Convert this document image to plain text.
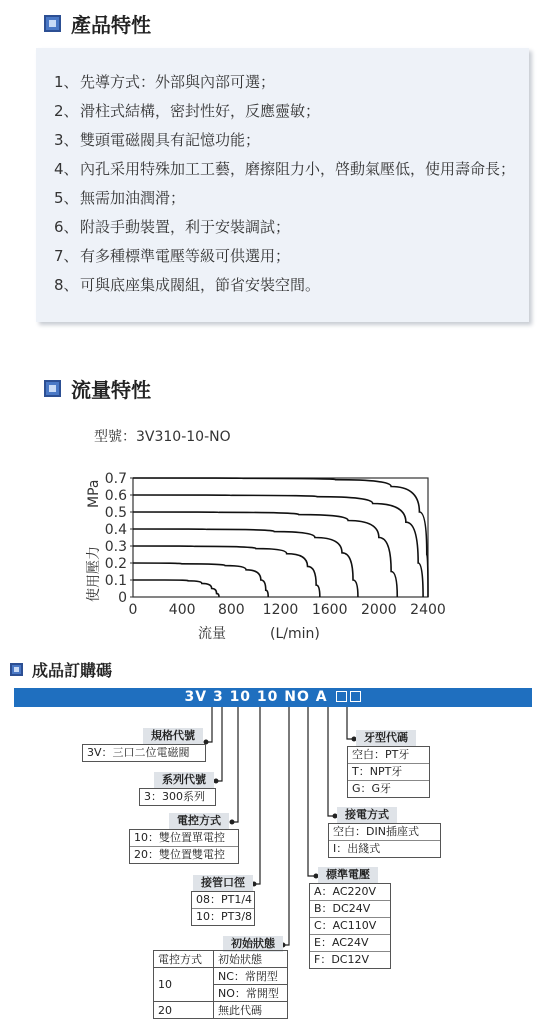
產品特性
1、 先導方式：外部與內部可選；
2、 滑柱式結構，密封性好，反應靈敏；
3、 雙頭電磁閥具有記憶功能；
4、 內孔采用特殊加工工藝，磨擦阻力小，啓動氣壓低，使用壽命長；
5、 無需加油潤滑；
6、 附設手動裝置，利于安裝調試；
7、 有多種標準電壓等級可供選用；
8、 可與底座集成閥組，節省安裝空間。
流量特性
型號：3V310-10-NO
0
0.1
0.2
0.3
0.4
0.5
0.6
0.7
0 400 800 1200 1600 2000 2400
流量	(L/min)
使用壓力
MPa
成品訂購碼
3V 3 10 10 NO A
規格代號
3V：三口二位電磁閥
系列代號
3：300系列
電控方式
10：雙位置單電控
20：雙位置雙電控
接管口徑
08：PT1/4
10：PT3/8
初始狀態
電控方式	初始狀態
10	NC：常閉型
	NO：常開型
20	無此代碼
標準電壓
A：AC220V
B：DC24V
C：AC110V
E：AC24V
F：DC12V
接電方式
空白：DIN插座式
I：出綫式
牙型代碼
空白：PT牙
T：NPT牙
G：G牙
